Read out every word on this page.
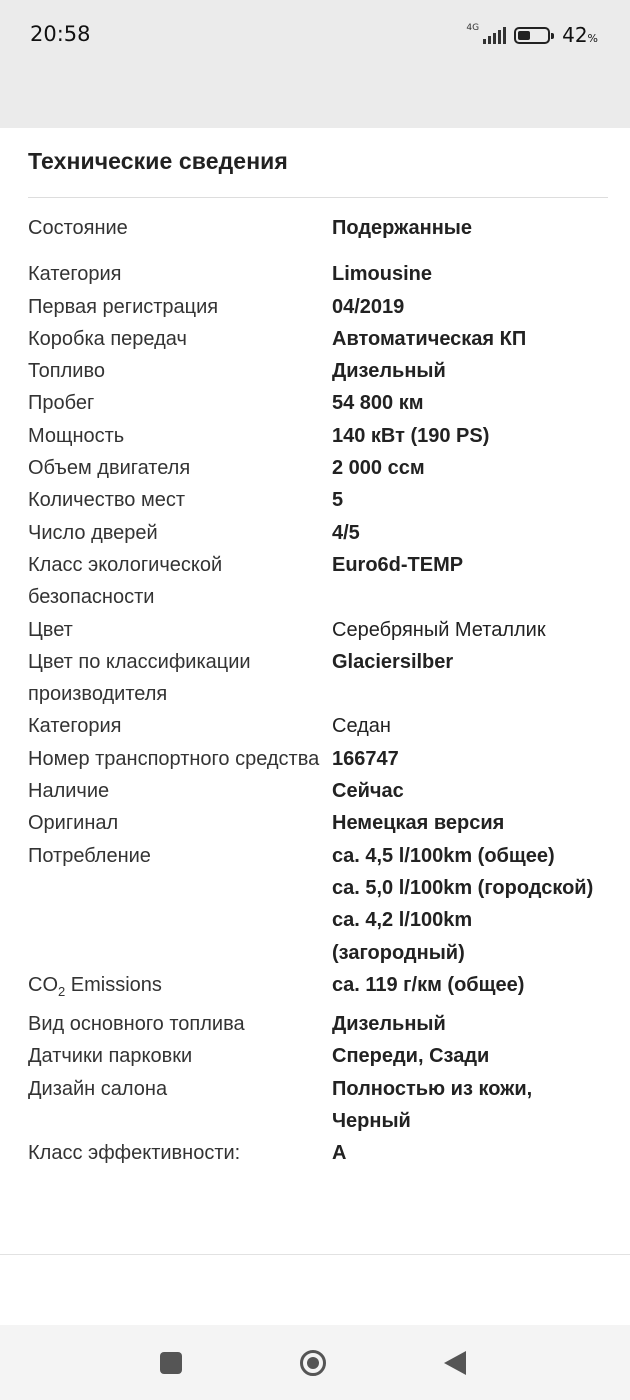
20:58	4G	42%
Технические сведения
Состояние	Подержанные
Категория	Limousine
Первая регистрация	04/2019
Коробка передач	Автоматическая КП
Топливо	Дизельный
Пробег	54 800 км
Мощность	140 кВт (190 PS)
Объем двигателя	2 000 ccм
Количество мест	5
Число дверей	4/5
Класс экологической безопасности	Euro6d-TEMP
Цвет	Серебряный Металлик
Цвет по классификации производителя	Glaciersilber
Категория	Седан
Номер транспортного средства	166747
Наличие	Сейчас
Оригинал	Немецкая версия
Потребление	ca. 4,5 l/100km (общее)
ca. 5,0 l/100km (городской)
ca. 4,2 l/100km (загородный)

$CO_2$ Emissions	ca. 119 г/км (общее)
Вид основного топлива	Дизельный
Датчики парковки	Спереди, Сзади
Дизайн салона	Полностью из кожи, Черный
Класс эффективности:	A
